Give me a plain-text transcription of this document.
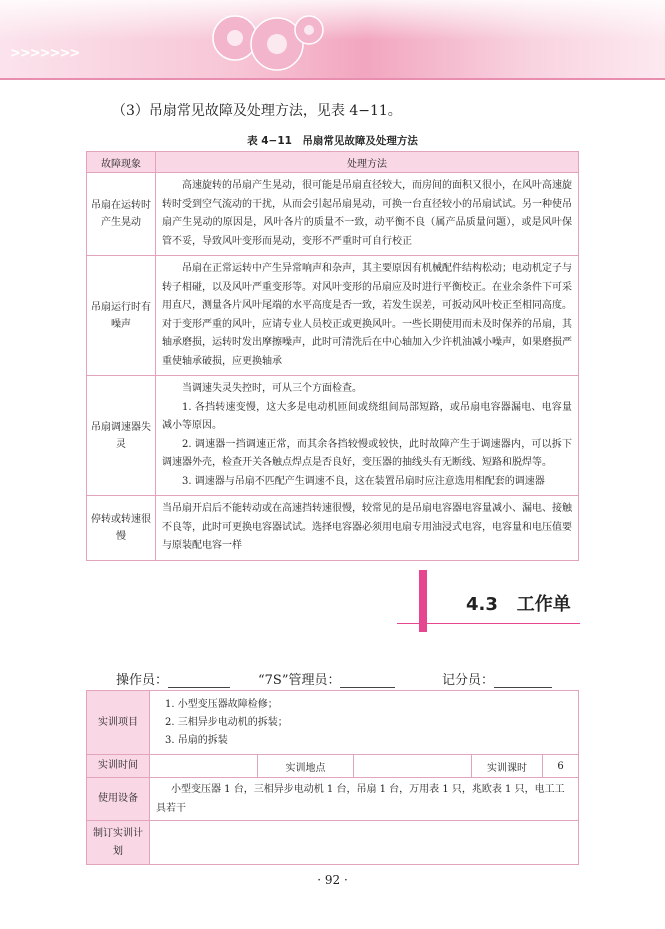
>>>>>>>
（3）吊扇常见故障及处理方法，见表 4−11。
表 4−11　吊扇常见故障及处理方法
故障现象	处理方法
吊扇在运转时产生晃动	高速旋转的吊扇产生晃动，很可能是吊扇直径较大，而房间的面积又很小，在风叶高速旋转时受到空气流动的干扰，从而会引起吊扇晃动，可换一台直径较小的吊扇试试。另一种使吊扇产生晃动的原因是，风叶各片的质量不一致，动平衡不良（属产品质量问题），或是风叶保管不妥，导致风叶变形而晃动，变形不严重时可自行校正

吊扇运行时有噪声	吊扇在正常运转中产生异常响声和杂声，其主要原因有机械配件结构松动；电动机定子与转子相碰，以及风叶严重变形等。对风叶变形的吊扇应及时进行平衡校正。在业余条件下可采用直尺，测量各片风叶尾端的水平高度是否一致，若发生误差，可扳动风叶校正至相同高度。对于变形严重的风叶，应请专业人员校正或更换风叶。一些长期使用而未及时保养的吊扇，其轴承磨损，运转时发出摩擦噪声，此时可清洗后在中心轴加入少许机油减小噪声，如果磨损严重使轴承破损，应更换轴承

吊扇调速器失灵	当调速失灵失控时，可从三个方面检查。

1. 各挡转速变慢，这大多是电动机匝间或绕组间局部短路，或吊扇电容器漏电、电容量减小等原因。

2. 调速器一挡调速正常，而其余各挡较慢或较快，此时故障产生于调速器内，可以拆下调速器外壳，检查开关各触点焊点是否良好，变压器的抽线头有无断线、短路和脱焊等。

3. 调速器与吊扇不匹配产生调速不良，这在装置吊扇时应注意选用相配套的调速器

停转或转速很慢	当吊扇开启后不能转动或在高速挡转速很慢，较常见的是吊扇电容器电容量减小、漏电、接触不良等，此时可更换电容器试试。选择电容器必须用电扇专用油浸式电容，电容量和电压值要与原装配电容一样

4.3 工作单
操作员：	“7S”管理员：	记分员：
实训项目	1. 小型变压器故障检修；
2. 三相异步电动机的拆装；
3. 吊扇的拆装				

实训时间		实训地点		实训课时	6
使用设备	小型变压器 1 台，三相异步电动机 1 台，吊扇 1 台，万用表 1 只，兆欧表 1 只，电工工具若干				
制订实训计划					
· 92 ·
